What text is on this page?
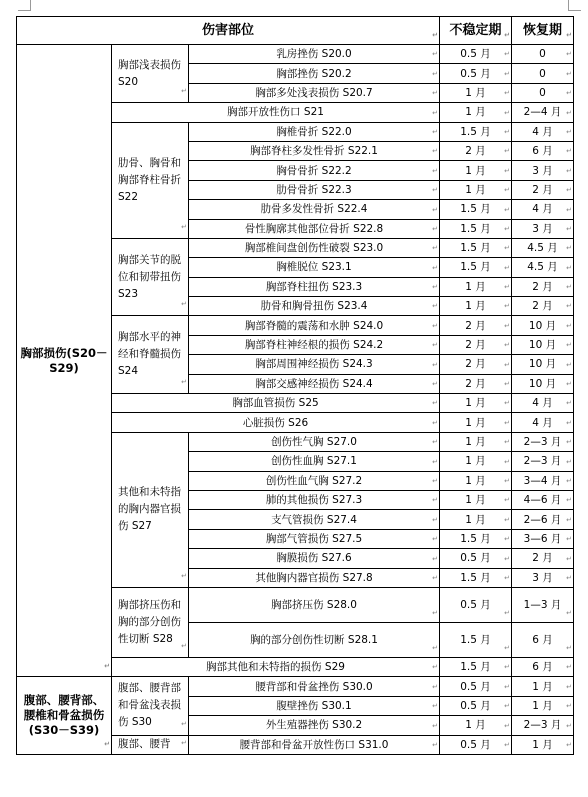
伤害部位 ↵			不稳定期 ↵	恢复期 ↵
胸部损伤(S20－S29) ↵	胸部浅表损伤 S20 ↵	乳房挫伤 S20.0 ↵	0.5 月 ↵	0 ↵
		胸部挫伤 S20.2 ↵	0.5 月 ↵	0 ↵
		胸部多处浅表损伤 S20.7 ↵	1 月 ↵	0 ↵
	胸部开放性伤口 S21 ↵		1 月 ↵	2—4 月 ↵
	肋骨、胸骨和胸部脊柱骨折 S22 ↵	胸椎骨折 S22.0 ↵	1.5 月 ↵	4 月 ↵
		胸部脊柱多发性骨折 S22.1 ↵	2 月 ↵	6 月 ↵
		胸骨骨折 S22.2 ↵	1 月 ↵	3 月 ↵
		肋骨骨折 S22.3 ↵	1 月 ↵	2 月 ↵
		肋骨多发性骨折 S22.4 ↵	1.5 月 ↵	4 月 ↵
		骨性胸廓其他部位骨折 S22.8 ↵	1.5 月 ↵	3 月 ↵
	胸部关节的脱位和韧带扭伤 S23 ↵	胸部椎间盘创伤性破裂 S23.0 ↵	1.5 月 ↵	4.5 月 ↵
		胸椎脱位 S23.1 ↵	1.5 月 ↵	4.5 月 ↵
		胸部脊柱扭伤 S23.3 ↵	1 月 ↵	2 月 ↵
		肋骨和胸骨扭伤 S23.4 ↵	1 月 ↵	2 月 ↵
	胸部水平的神经和脊髓损伤 S24 ↵	胸部脊髓的震荡和水肿 S24.0 ↵	2 月 ↵	10 月 ↵
		胸部脊柱神经根的损伤 S24.2 ↵	2 月 ↵	10 月 ↵
		胸部周围神经损伤 S24.3 ↵	2 月 ↵	10 月 ↵
		胸部交感神经损伤 S24.4 ↵	2 月 ↵	10 月 ↵
	胸部血管损伤 S25 ↵		1 月 ↵	4 月 ↵
	心脏损伤 S26 ↵		1 月 ↵	4 月 ↵
	其他和未特指的胸内器官损伤 S27 ↵	创伤性气胸 S27.0 ↵	1 月 ↵	2—3 月 ↵
		创伤性血胸 S27.1 ↵	1 月 ↵	2—3 月 ↵
		创伤性血气胸 S27.2 ↵	1 月 ↵	3—4 月 ↵
		肺的其他损伤 S27.3 ↵	1 月 ↵	4—6 月 ↵
		支气管损伤 S27.4 ↵	1 月 ↵	2—6 月 ↵
		胸部气管损伤 S27.5 ↵	1.5 月 ↵	3—6 月 ↵
		胸膜损伤 S27.6 ↵	0.5 月 ↵	2 月 ↵
		其他胸内器官损伤 S27.8 ↵	1.5 月 ↵	3 月 ↵
	胸部挤压伤和胸的部分创伤性切断 S28 ↵	胸部挤压伤 S28.0 ↵	0.5 月 ↵	1—3 月 ↵
		胸的部分创伤性切断 S28.1 ↵	1.5 月 ↵	6 月 ↵
	胸部其他和未特指的损伤 S29 ↵		1.5 月 ↵	6 月 ↵
腹部、腰背部、腰椎和骨盆损伤(S30－S39) ↵	腹部、腰背部和骨盆浅表损伤 S30 ↵	腰背部和骨盆挫伤 S30.0 ↵	0.5 月 ↵	1 月 ↵
		腹壁挫伤 S30.1 ↵	0.5 月 ↵	1 月 ↵
		外生殖器挫伤 S30.2 ↵	1 月 ↵	2—3 月 ↵
	腹部、腰背 ↵	腰背部和骨盆开放性伤口 S31.0 ↵	0.5 月 ↵	1 月 ↵
